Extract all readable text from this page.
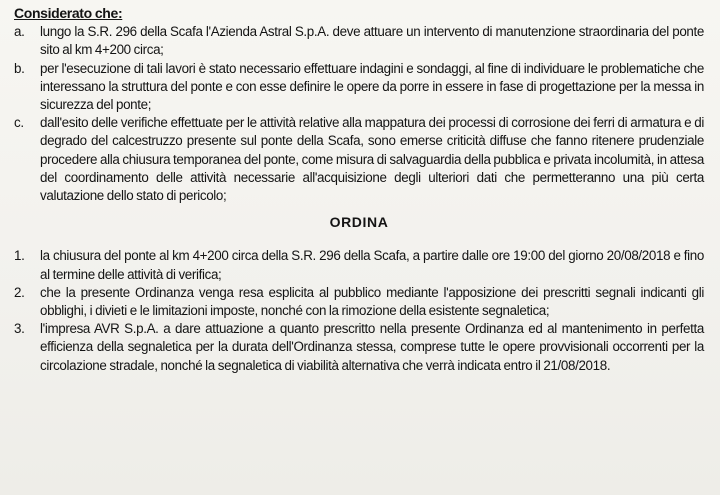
Considerato che:
a.	lungo la S.R. 296 della Scafa l'Azienda Astral S.p.A. deve attuare un intervento di manutenzione straordinaria del ponte sito al km 4+200 circa;
b.	per l'esecuzione di tali lavori è stato necessario effettuare indagini e sondaggi, al fine di individuare le problematiche che interessano la struttura del ponte e con esse definire le opere da porre in essere in fase di progettazione per la messa in sicurezza del ponte;
c.	dall'esito delle verifiche effettuate per le attività relative alla mappatura dei processi di corrosione dei ferri di armatura e di degrado del calcestruzzo presente sul ponte della Scafa, sono emerse criticità diffuse che fanno ritenere prudenziale procedere alla chiusura temporanea del ponte, come misura di salvaguardia della pubblica e privata incolumità, in attesa del coordinamento delle attività necessarie all'acquisizione degli ulteriori dati che permetteranno una più certa valutazione dello stato di pericolo;
ORDINA
1.	la chiusura del ponte al km 4+200 circa della S.R. 296 della Scafa, a partire dalle ore 19:00 del giorno 20/08/2018 e fino al termine delle attività di verifica;
2.	che la presente Ordinanza venga resa esplicita al pubblico mediante l'apposizione dei prescritti segnali indicanti gli obblighi, i divieti e le limitazioni imposte, nonché con la rimozione della esistente segnaletica;
3.	l'impresa AVR S.p.A. a dare attuazione a quanto prescritto nella presente Ordinanza ed al mantenimento in perfetta efficienza della segnaletica per la durata dell'Ordinanza stessa, comprese tutte le opere provvisionali occorrenti per la circolazione stradale, nonché la segnaletica di viabilità alternativa che verrà indicata entro il 21/08/2018.
